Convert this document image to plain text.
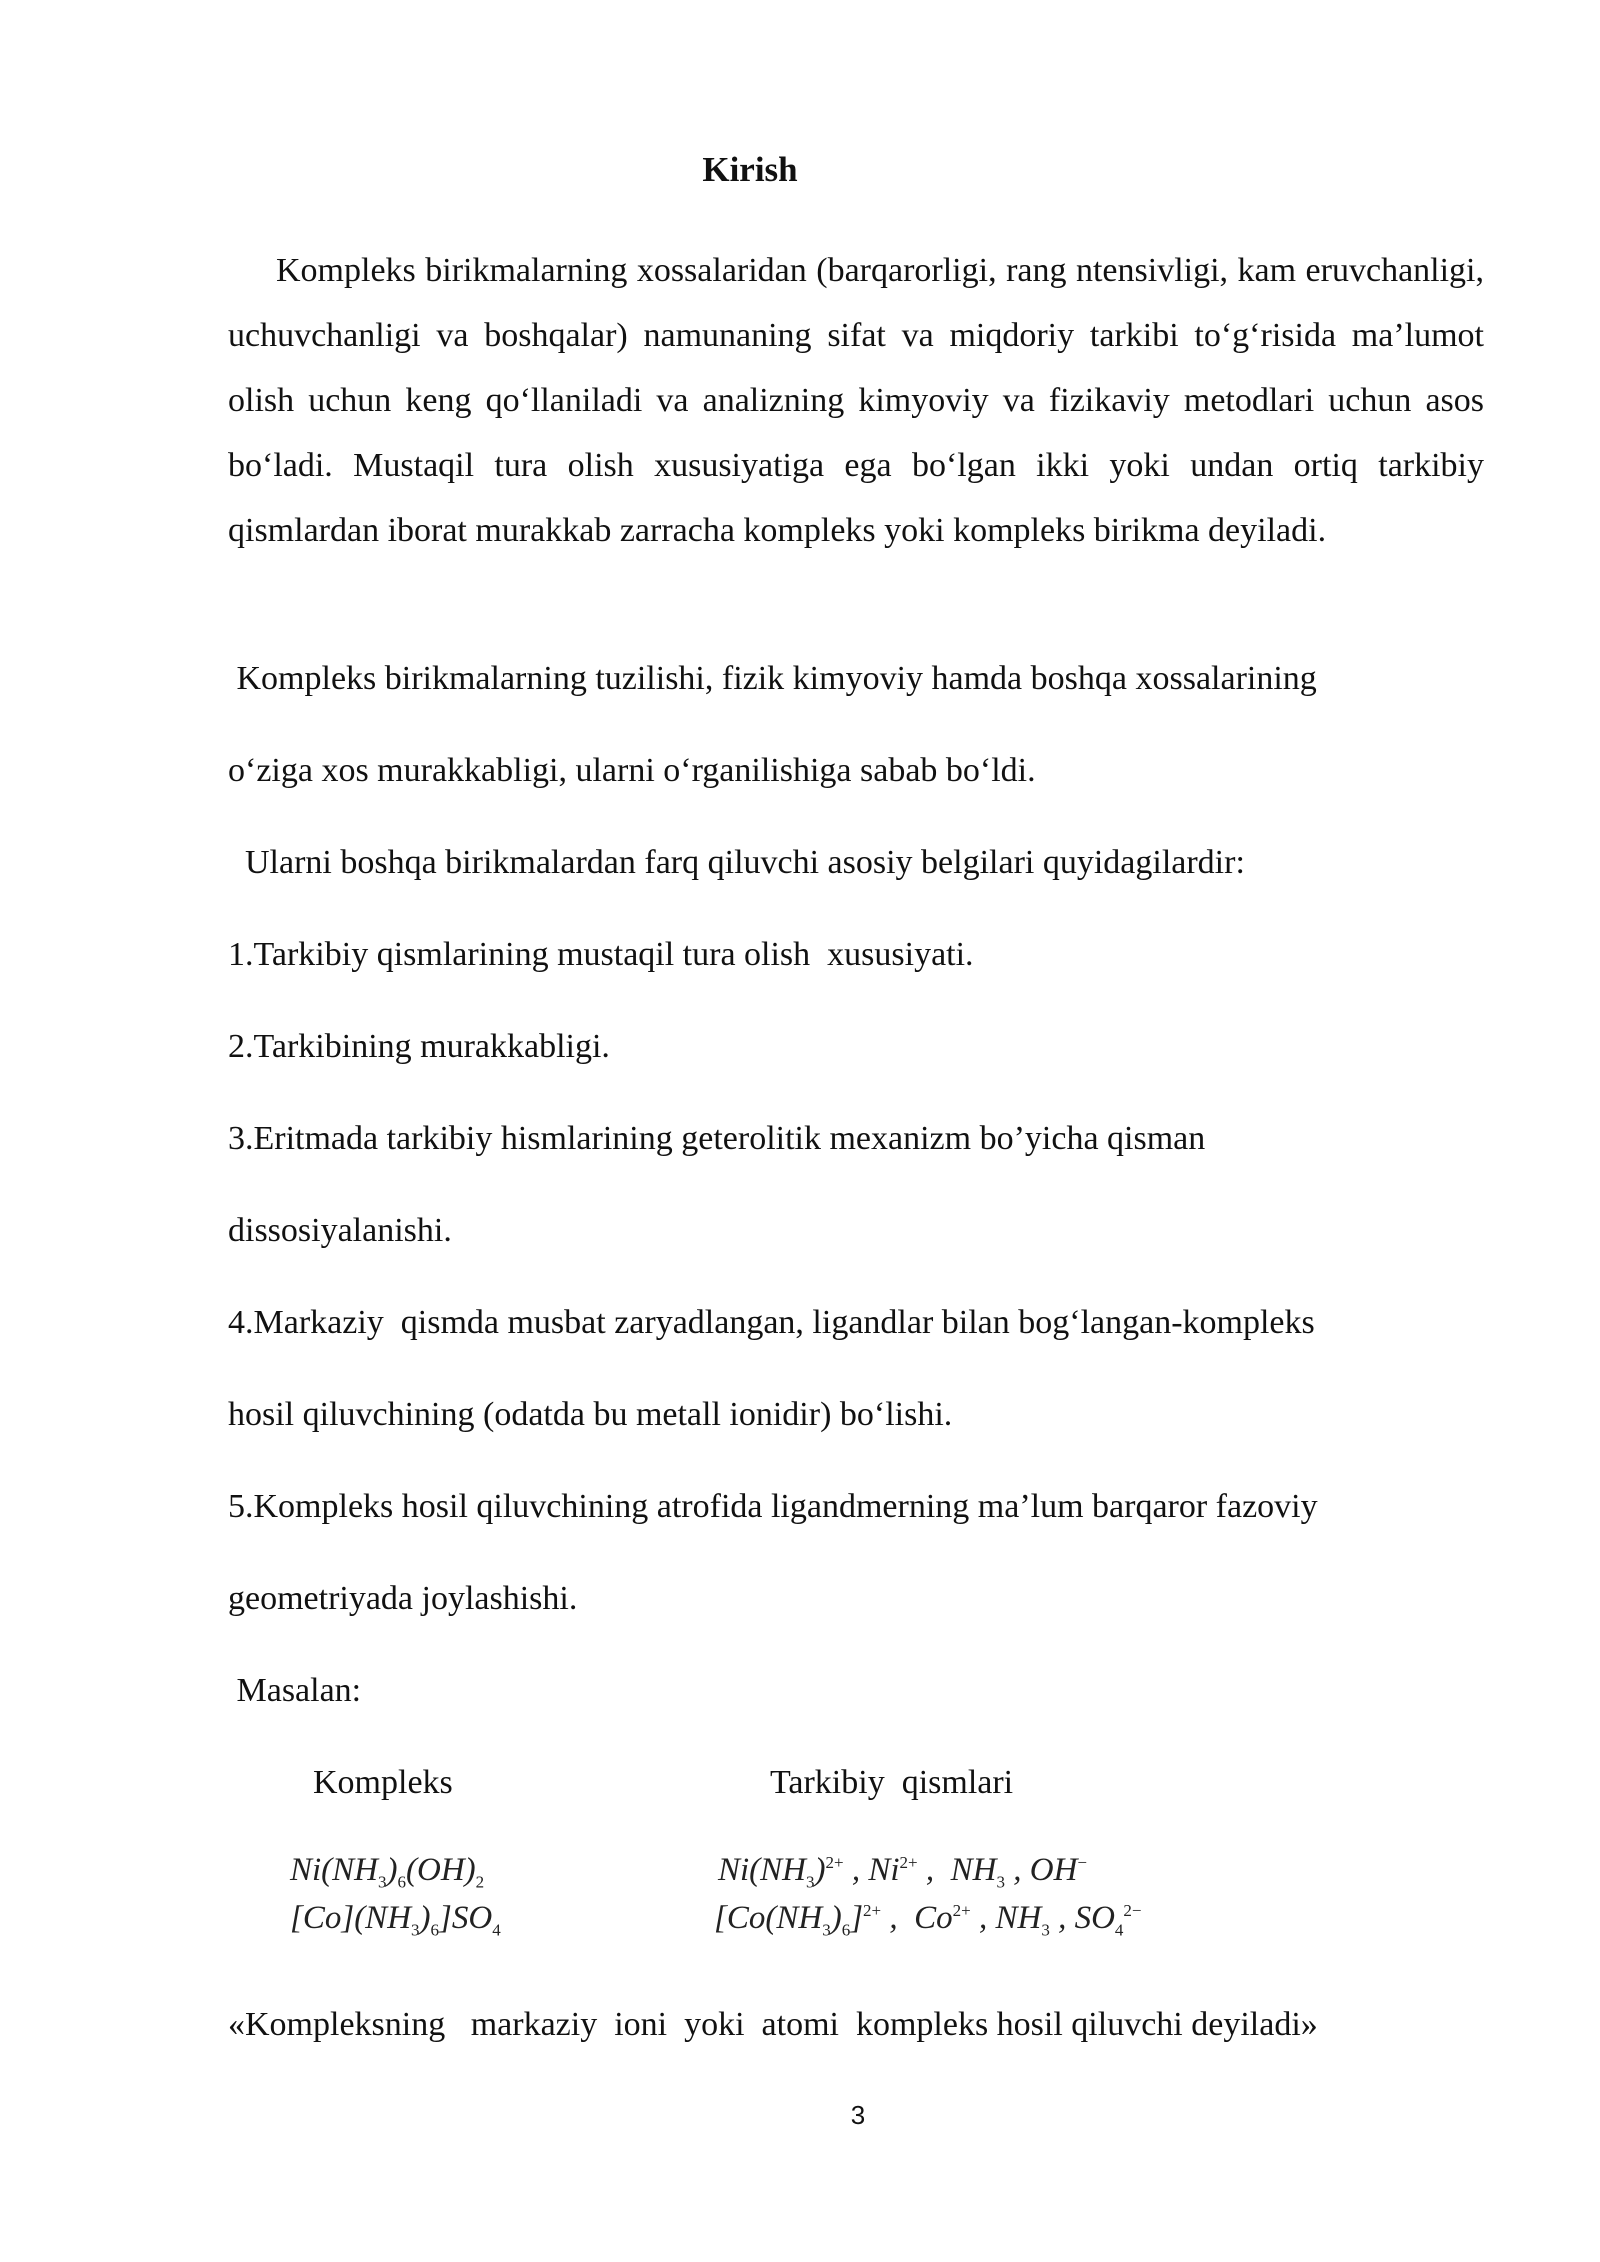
Kirish
Kompleks birikmalarning xossalaridan (barqarorligi, rang ntensivligi, kam eruvchanligi, uchuvchanligi va boshqalar) namunaning sifat va miqdoriy tarkibi to‘g‘risida ma’lumot olish uchun keng qo‘llaniladi va analizning kimyoviy va fizikaviy metodlari uchun asos bo‘ladi. Mustaqil tura olish xususiyatiga ega bo‘lgan ikki yoki undan ortiq tarkibiy qismlardan iborat murakkab zarracha kompleks yoki kompleks birikma deyiladi.
Kompleks birikmalarning tuzilishi, fizik kimyoviy hamda boshqa xossalarining
o‘ziga xos murakkabligi, ularni o‘rganilishiga sabab bo‘ldi.
Ularni boshqa birikmalardan farq qiluvchi asosiy belgilari quyidagilardir:
1.Tarkibiy qismlarining mustaqil tura olish  xususiyati.
2.Tarkibining murakkabligi.
3.Eritmada tarkibiy hismlarining geterolitik mexanizm bo’yicha qisman
dissosiyalanishi.
4.Markaziy  qismda musbat zaryadlangan, ligandlar bilan bog‘langan-kompleks
hosil qiluvchining (odatda bu metall ionidir) bo‘lishi.
5.Kompleks hosil qiluvchining atrofida ligandmerning ma’lum barqaror fazoviy
geometriyada joylashishi.
Masalan:
Kompleks	Tarkibiy  qismlari
$Ni(NH_3)_6(OH)_2$
$[Co](NH_3)_6]SO_4$
$Ni(NH_3)^{2+}$ , $Ni^{2+}$ ,  $NH_3$ , OH−
$[Co(NH_3)_6]^{2+}$ ,  $Co^{2+}$ , $NH_3$ , $SO_4^{2-}$
«Kompleksning   markaziy  ioni  yoki  atomi  kompleks hosil qiluvchi deyiladi»
3
